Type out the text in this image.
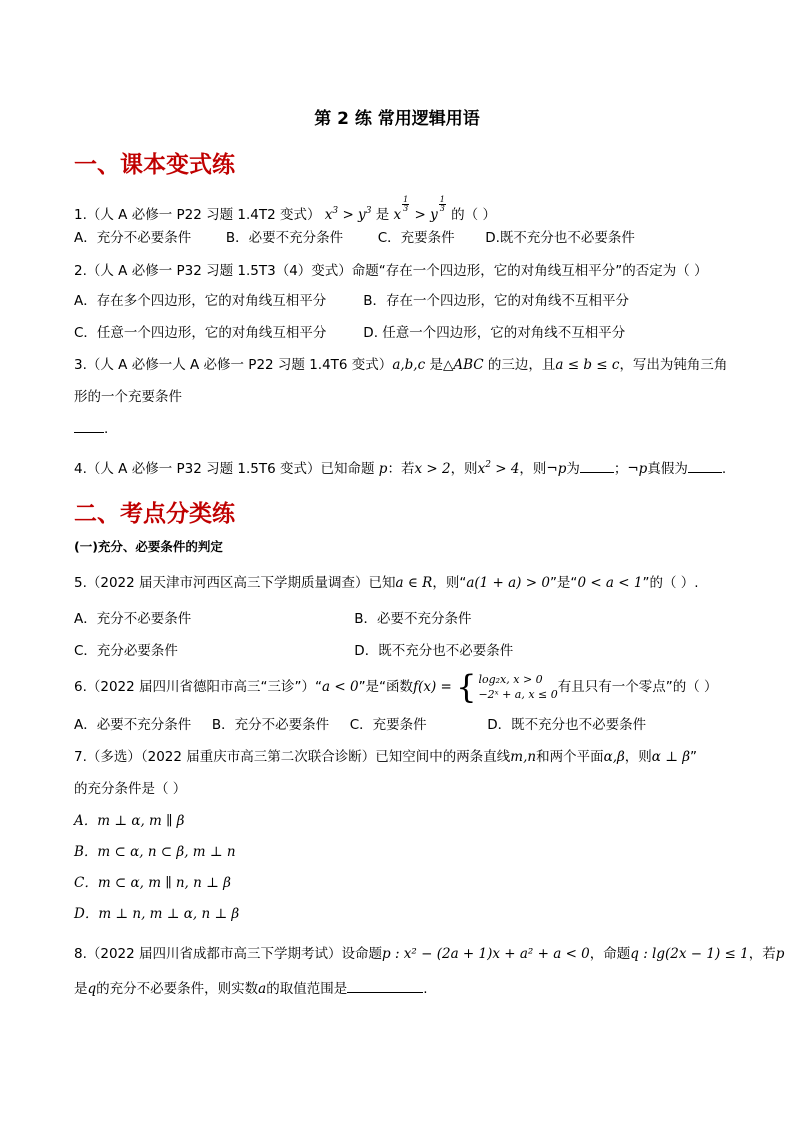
第 2 练 常用逻辑用语
一、课本变式练
1.（人 A 必修一 P22 习题 1.4T2 变式） $x^3 > y^3$ 是 x
$\frac{1}{3}$
> y
$\frac{1}{3}$
的（ ）
A．充分不必要条件	B．必要不充分条件	C．充要条件 D.既不充分也不必要条件
2.（人 A 必修一 P32 习题 1.5T3（4）变式）命题“存在一个四边形，它的对角线互相平分”的否定为（ ）
A．存在多个四边形，它的对角线互相平分	B．存在一个四边形，它的对角线不互相平分
C．任意一个四边形，它的对角线互相平分	D. 任意一个四边形，它的对角线不互相平分
3.（人 A 必修一人 A 必修一 P22 习题 1.4T6 变式）a,b,c 是△ABC 的三边，且a ≤ b ≤ c，写出为钝角三角
形的一个充要条件
.
4.（人 A 必修一 P32 习题 1.5T6 变式）已知命题 p：若x > 2，则$x^2 > 4$，则¬p为	；¬p真假为	.
二、考点分类练
(一)充分、必要条件的判定
5.（2022 届天津市河西区高三下学期质量调查）已知a ∈ R，则“a(1 + a) > 0”是“0 < a < 1”的（ ）.
A．充分不必要条件	B．必要不充分条件
C．充分必要条件	D．既不充分也不必要条件
6.（2022 届四川省德阳市高三“三诊”）“a < 0”是“函数f(x) = { log₂x, x > 0
−2ˣ + a, x ≤ 0 有且只有一个零点”的（ ）
A．必要不充分条件 B．充分不必要条件 C．充要条件	D．既不充分也不必要条件
7.（多选）（2022 届重庆市高三第二次联合诊断）已知空间中的两条直线m,n和两个平面α,β，则α ⊥ β”
的充分条件是（ ）
A．m ⊥ α, m ∥ β
B．m ⊂ α, n ⊂ β, m ⊥ n
C．m ⊂ α, m ∥ n, n ⊥ β
D．m ⊥ n, m ⊥ α, n ⊥ β
8.（2022 届四川省成都市高三下学期考试）设命题p : x² − (2a + 1)x + a² + a < 0，命题q : lg(2x − 1) ≤ 1，若p
是q的充分不必要条件，则实数a的取值范围是	.
